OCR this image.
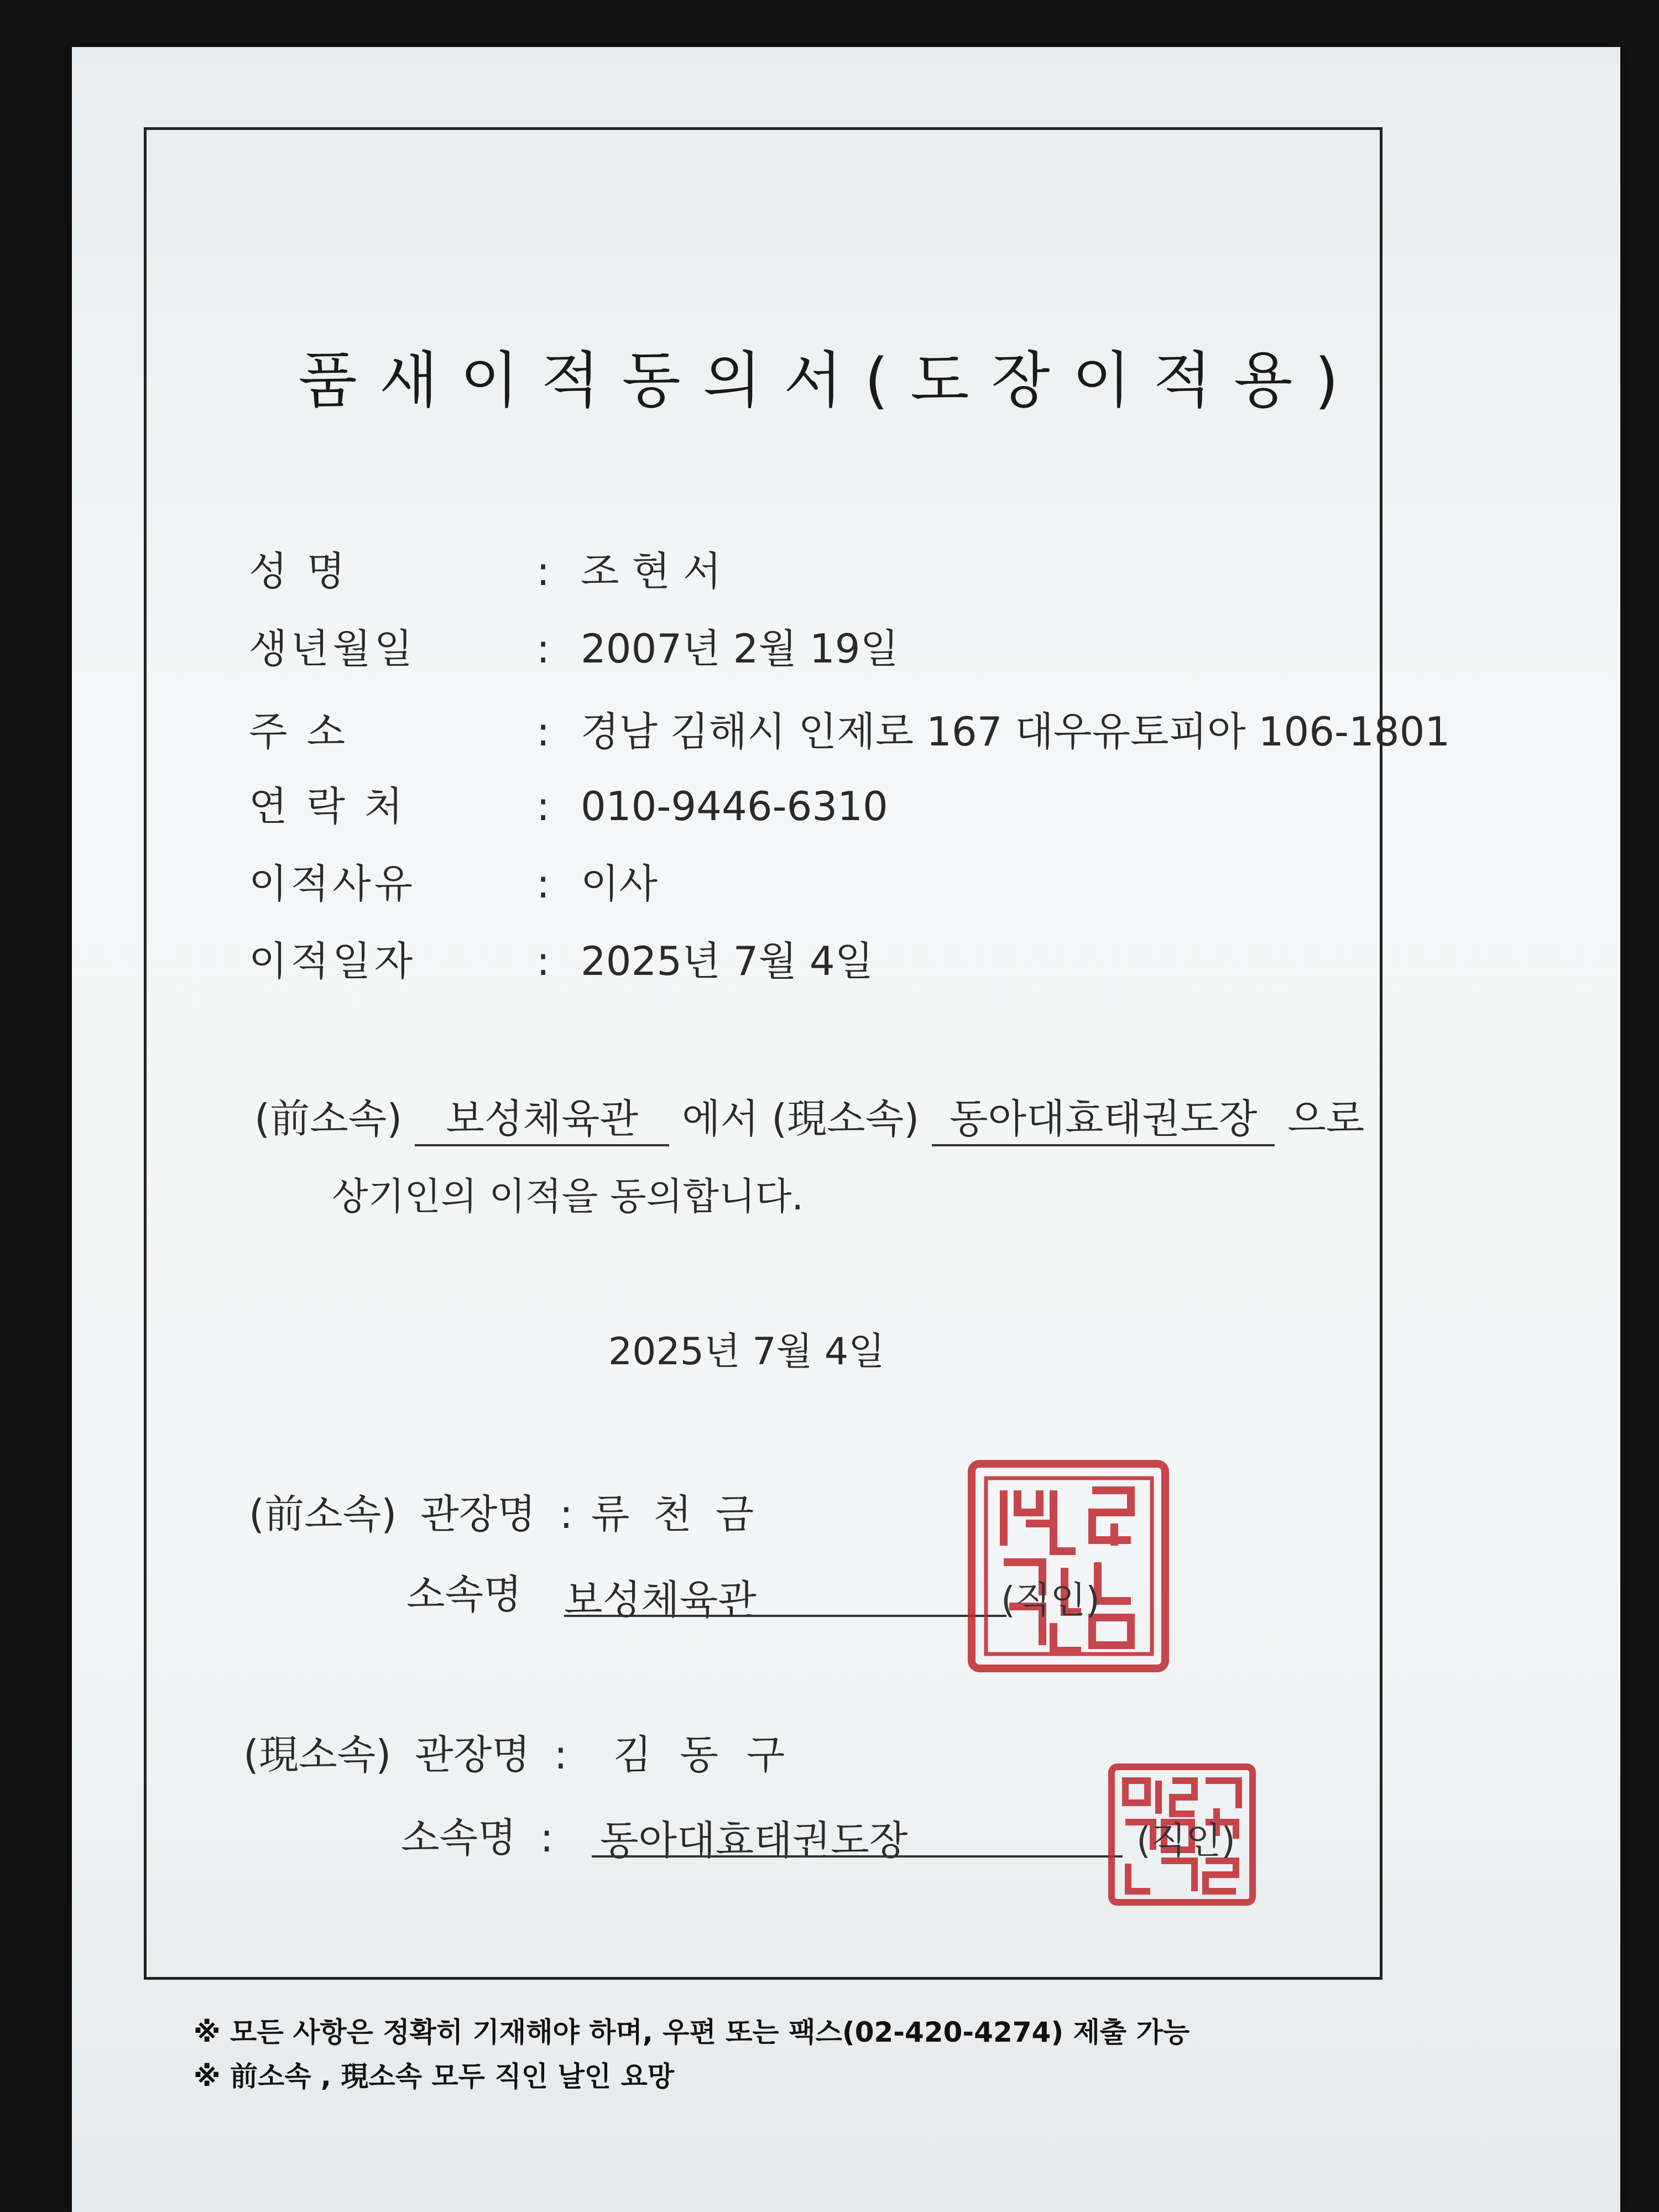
품새이적동의서(도장이적용)
성 명	: 조 현 서
생년월일	: 2007년 2월 19일
주 소	: 경남 김해시 인제로 167 대우유토피아 106-1801
연 락 처	: 010-9446-6310
이적사유	: 이사
이적일자	: 2025년 7월 4일
(前소속) 보성체육관 에서 (現소속) 동아대효태권도장 으로
상기인의 이적을 동의합니다.
2025년 7월 4일
(前소속) 관장명 : 류 천 금
소속명 보성체육관	(직인)
(現소속) 관장명 : 김 동 구
소속명 : 동아대효태권도장	(직인)
※ 모든 사항은 정확히 기재해야 하며, 우편 또는 팩스(02-420-4274) 제출 가능
※ 前소속 , 現소속 모두 직인 날인 요망
